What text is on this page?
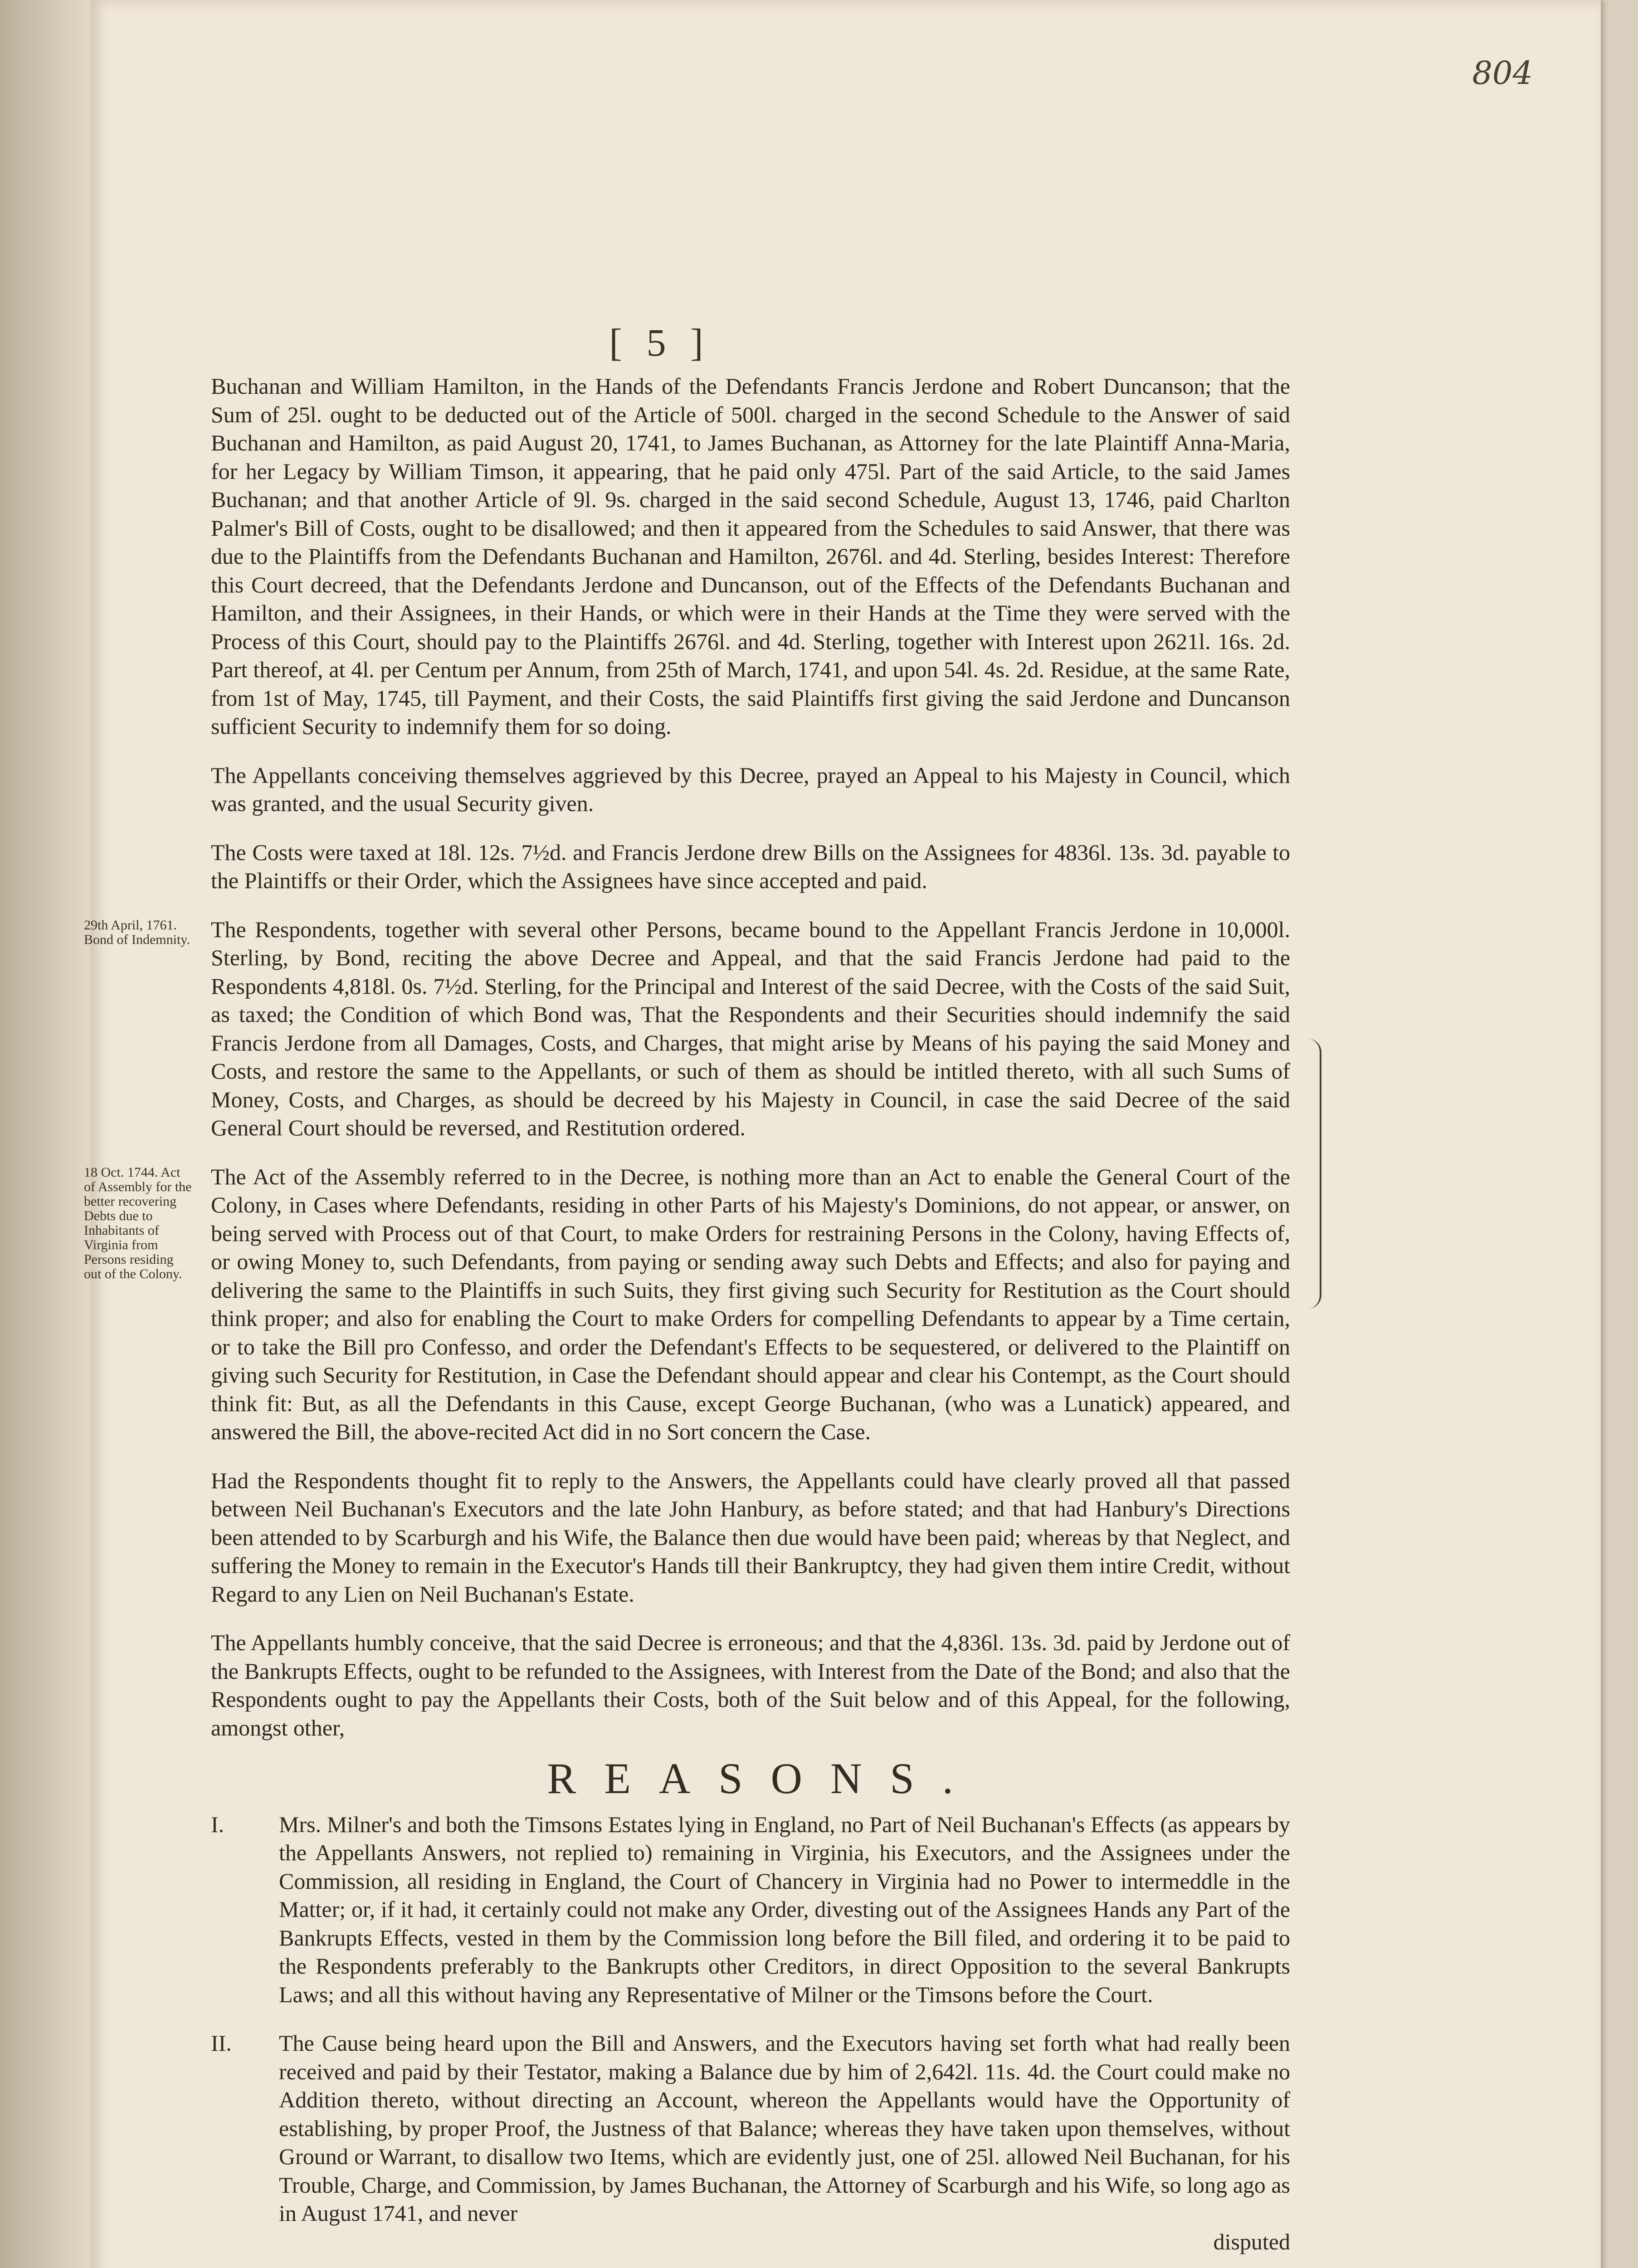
804
[ 5 ]

Buchanan and William Hamilton, in the Hands of the Defendants Francis Jerdone and Robert Duncanson; that the Sum of 25l. ought to be deducted out of the Article of 500l. charged in the second Schedule to the Answer of said Buchanan and Hamilton, as paid August 20, 1741, to James Buchanan, as Attorney for the late Plaintiff Anna-Maria, for her Legacy by William Timson, it appearing, that he paid only 475l. Part of the said Article, to the said James Buchanan; and that another Article of 9l. 9s. charged in the said second Schedule, August 13, 1746, paid Charlton Palmer's Bill of Costs, ought to be disallowed; and then it appeared from the Schedules to said Answer, that there was due to the Plaintiffs from the Defendants Buchanan and Hamilton, 2676l. and 4d. Sterling, besides Interest: Therefore this Court decreed, that the Defendants Jerdone and Duncanson, out of the Effects of the Defendants Buchanan and Hamilton, and their Assignees, in their Hands, or which were in their Hands at the Time they were served with the Process of this Court, should pay to the Plaintiffs 2676l. and 4d. Sterling, together with Interest upon 2621l. 16s. 2d. Part thereof, at 4l. per Centum per Annum, from 25th of March, 1741, and upon 54l. 4s. 2d. Residue, at the same Rate, from 1st of May, 1745, till Payment, and their Costs, the said Plaintiffs first giving the said Jerdone and Duncanson sufficient Security to indemnify them for so doing.

The Appellants conceiving themselves aggrieved by this Decree, prayed an Appeal to his Majesty in Council, which was granted, and the usual Security given.

The Costs were taxed at 18l. 12s. 7½d. and Francis Jerdone drew Bills on the Assignees for 4836l. 13s. 3d. payable to the Plaintiffs or their Order, which the Assignees have since accepted and paid.

29th April, 1761. Bond of Indemnity. The Respondents, together with several other Persons, became bound to the Appellant Francis Jerdone in 10,000l. Sterling, by Bond, reciting the above Decree and Appeal, and that the said Francis Jerdone had paid to the Respondents 4,818l. 0s. 7½d. Sterling, for the Principal and Interest of the said Decree, with the Costs of the said Suit, as taxed; the Condition of which Bond was, That the Respondents and their Securities should indemnify the said Francis Jerdone from all Damages, Costs, and Charges, that might arise by Means of his paying the said Money and Costs, and restore the same to the Appellants, or such of them as should be intitled thereto, with all such Sums of Money, Costs, and Charges, as should be decreed by his Majesty in Council, in case the said Decree of the said General Court should be reversed, and Restitution ordered.

18 Oct. 1744. Act of Assembly for the better recovering Debts due to Inhabitants of Virginia from Persons residing out of the Colony.

The Act of the Assembly referred to in the Decree, is nothing more than an Act to enable the General Court of the Colony, in Cases where Defendants, residing in other Parts of his Majesty's Dominions, do not appear, or answer, on being served with Process out of that Court, to make Orders for restraining Persons in the Colony, having Effects of, or owing Money to, such Defendants, from paying or sending away such Debts and Effects; and also for paying and delivering the same to the Plaintiffs in such Suits, they first giving such Security for Restitution as the Court should think proper; and also for enabling the Court to make Orders for compelling Defendants to appear by a Time certain, or to take the Bill pro Confesso, and order the Defendant's Effects to be sequestered, or delivered to the Plaintiff on giving such Security for Restitution, in Case the Defendant should appear and clear his Contempt, as the Court should think fit: But, as all the Defendants in this Cause, except George Buchanan, (who was a Lunatick) appeared, and answered the Bill, the above-recited Act did in no Sort concern the Case.

Had the Respondents thought fit to reply to the Answers, the Appellants could have clearly proved all that passed between Neil Buchanan's Executors and the late John Hanbury, as before stated; and that had Hanbury's Directions been attended to by Scarburgh and his Wife, the Balance then due would have been paid; whereas by that Neglect, and suffering the Money to remain in the Executor's Hands till their Bankruptcy, they had given them intire Credit, without Regard to any Lien on Neil Buchanan's Estate.

The Appellants humbly conceive, that the said Decree is erroneous; and that the 4,836l. 13s. 3d. paid by Jerdone out of the Bankrupts Effects, ought to be refunded to the Assignees, with Interest from the Date of the Bond; and also that the Respondents ought to pay the Appellants their Costs, both of the Suit below and of this Appeal, for the following, amongst other,

REASONS.
I.	Mrs. Milner's and both the Timsons Estates lying in England, no Part of Neil Buchanan's Effects (as appears by the Appellants Answers, not replied to) remaining in Virginia, his Executors, and the Assignees under the Commission, all residing in England, the Court of Chancery in Virginia had no Power to intermeddle in the Matter; or, if it had, it certainly could not make any Order, divesting out of the Assignees Hands any Part of the Bankrupts Effects, vested in them by the Commission long before the Bill filed, and ordering it to be paid to the Respondents preferably to the Bankrupts other Creditors, in direct Opposition to the several Bankrupts Laws; and all this without having any Representative of Milner or the Timsons before the Court.

II.	The Cause being heard upon the Bill and Answers, and the Executors having set forth what had really been received and paid by their Testator, making a Balance due by him of 2,642l. 11s. 4d. the Court could make no Addition thereto, without directing an Account, whereon the Appellants would have the Opportunity of establishing, by proper Proof, the Justness of that Balance; whereas they have taken upon themselves, without Ground or Warrant, to disallow two Items, which are evidently just, one of 25l. allowed Neil Buchanan, for his Trouble, Charge, and Commission, by James Buchanan, the Attorney of Scarburgh and his Wife, so long ago as in August 1741, and never

disputed
